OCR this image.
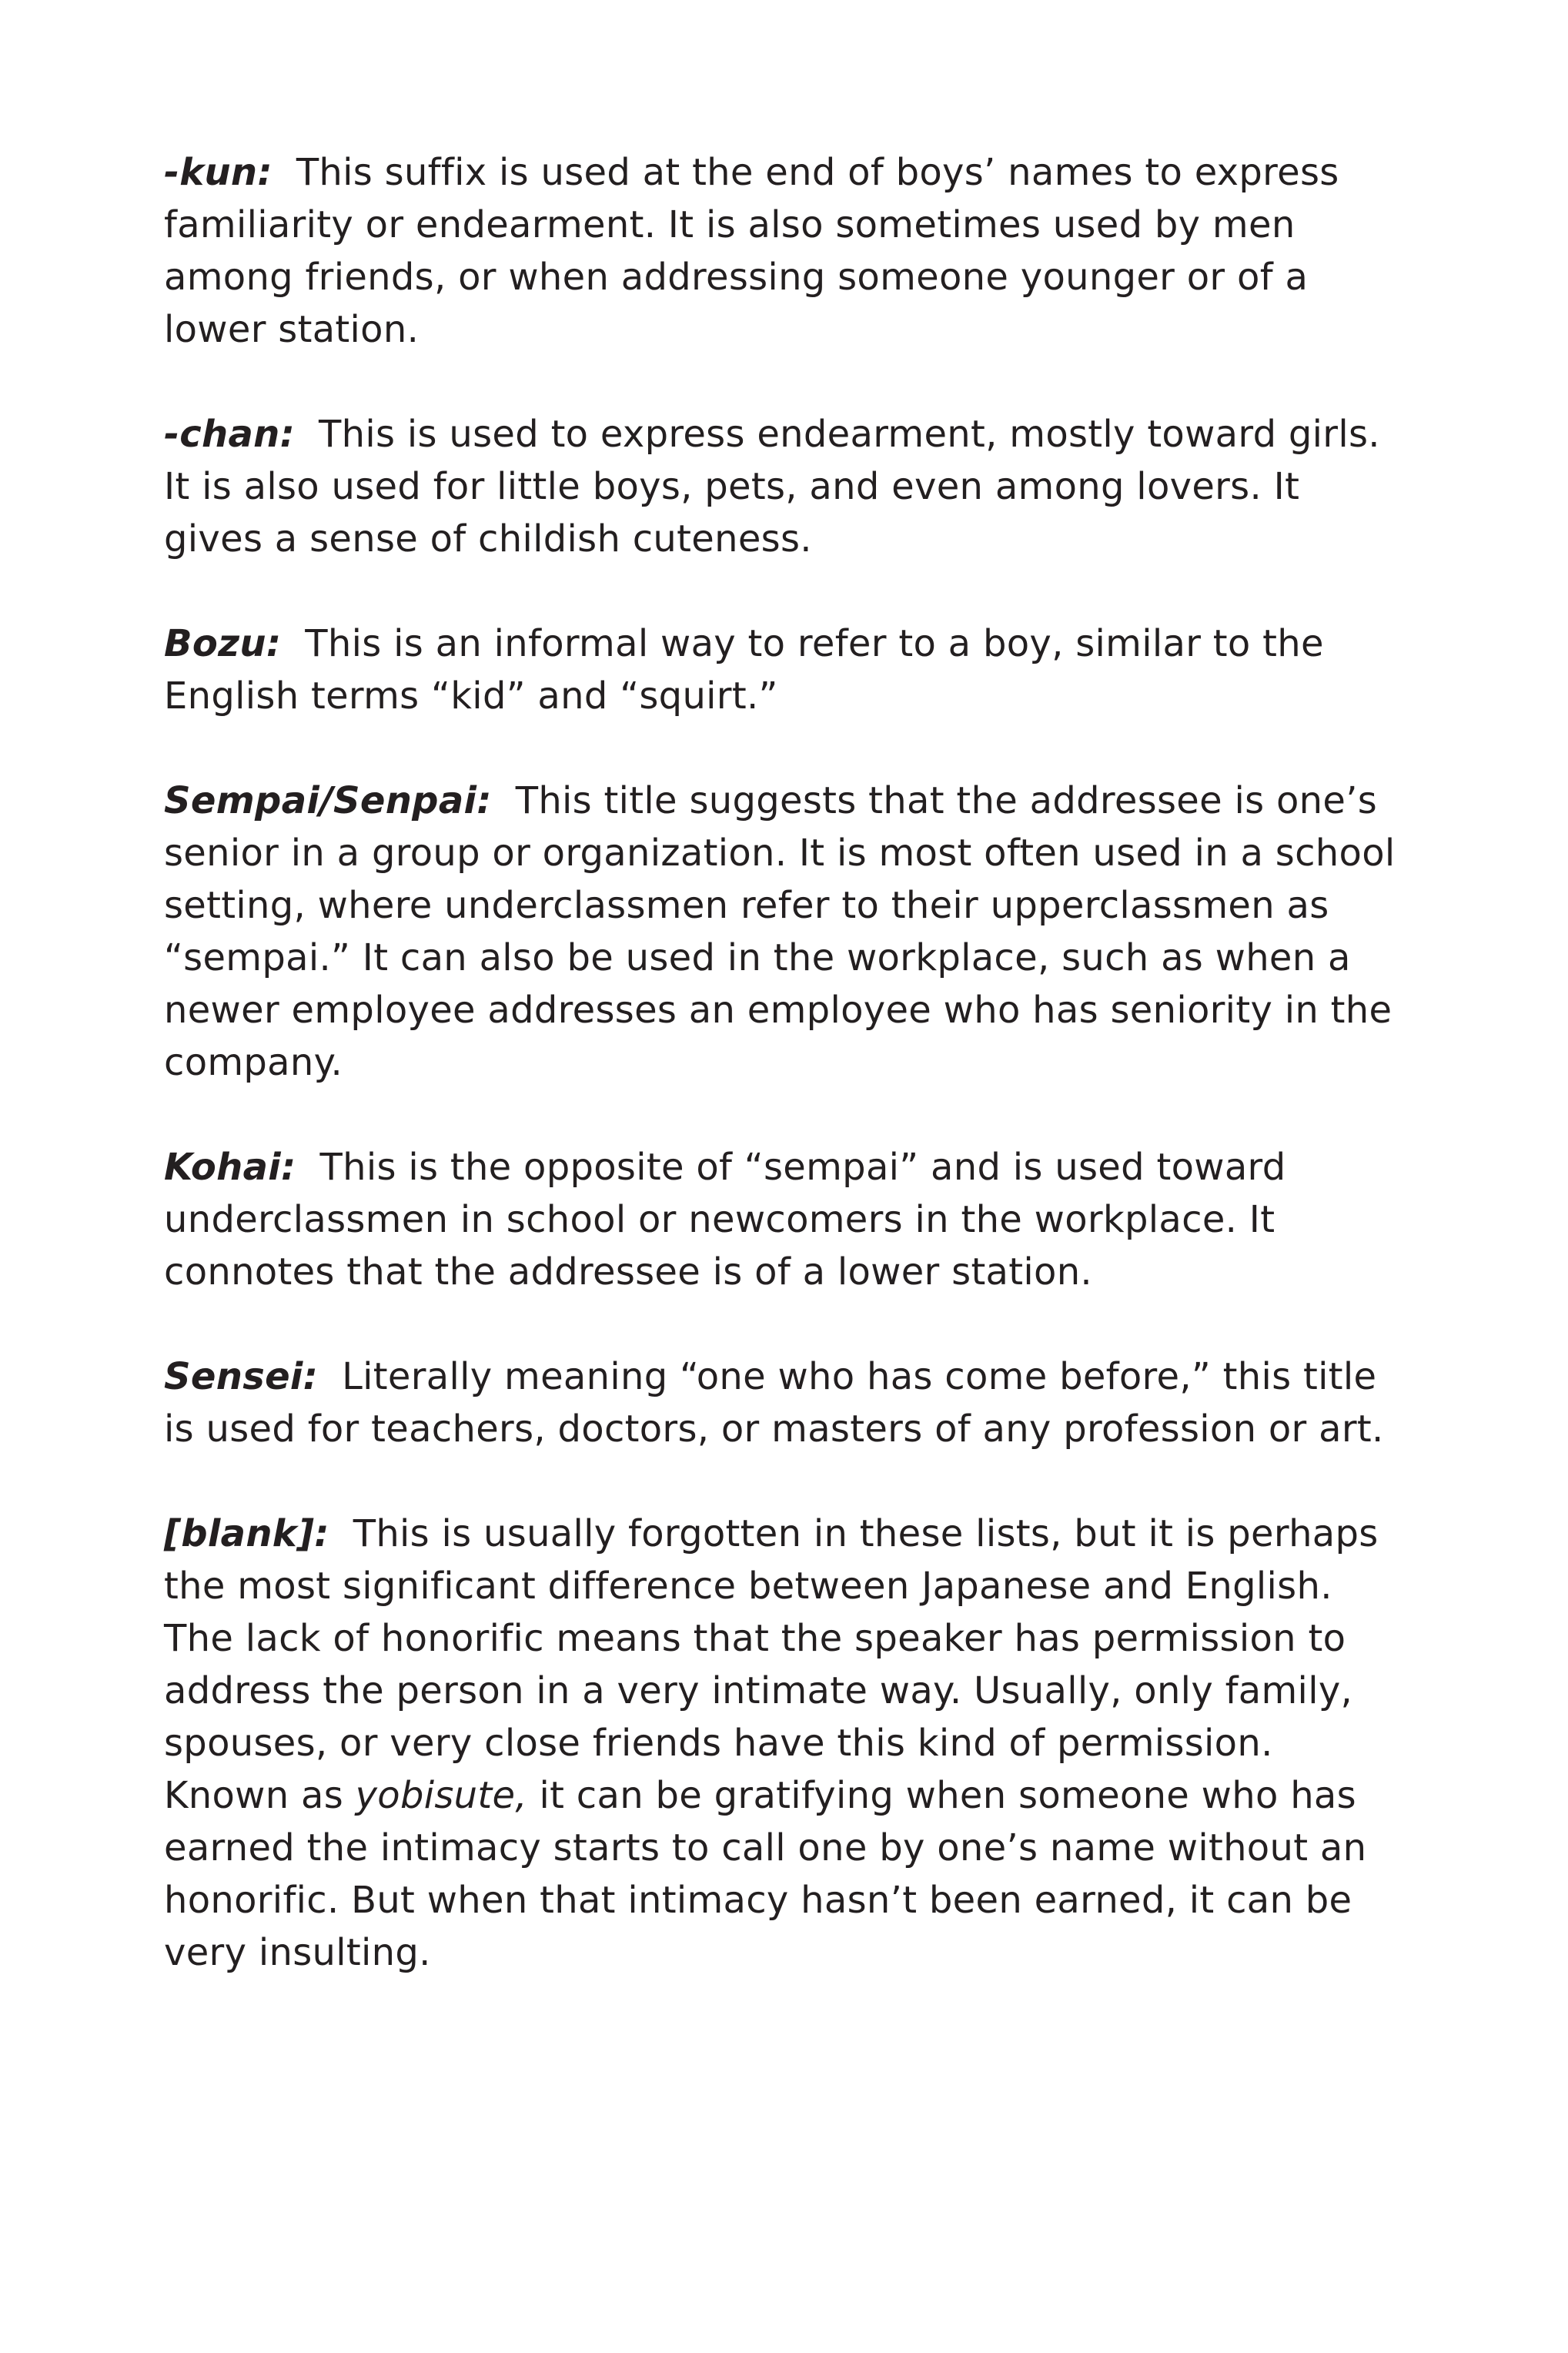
-kun: This suffix is used at the end of boys’ names to express familiarity or endearment. It is also sometimes used by men among friends, or when addressing someone younger or of a lower station.

-chan: This is used to express endearment, mostly toward girls. It is also used for little boys, pets, and even among lovers. It gives a sense of childish cuteness.

Bozu: This is an informal way to refer to a boy, similar to the English terms “kid” and “squirt.”

Sempai/Senpai: This title suggests that the addressee is one’s senior in a group or organization. It is most often used in a school setting, where underclassmen refer to their upperclassmen as “sempai.” It can also be used in the workplace, such as when a newer employee addresses an employee who has seniority in the company.

Kohai: This is the opposite of “sempai” and is used toward underclassmen in school or newcomers in the workplace. It connotes that the addressee is of a lower station.

Sensei: Literally meaning “one who has come before,” this title is used for teachers, doctors, or masters of any profession or art.

[blank]: This is usually forgotten in these lists, but it is perhaps the most significant difference between Japanese and English. The lack of honorific means that the speaker has permission to address the person in a very intimate way. Usually, only family, spouses, or very close friends have this kind of permission. Known as yobisute, it can be gratifying when someone who has earned the intimacy starts to call one by one’s name without an honorific. But when that intimacy hasn’t been earned, it can be very insulting.
